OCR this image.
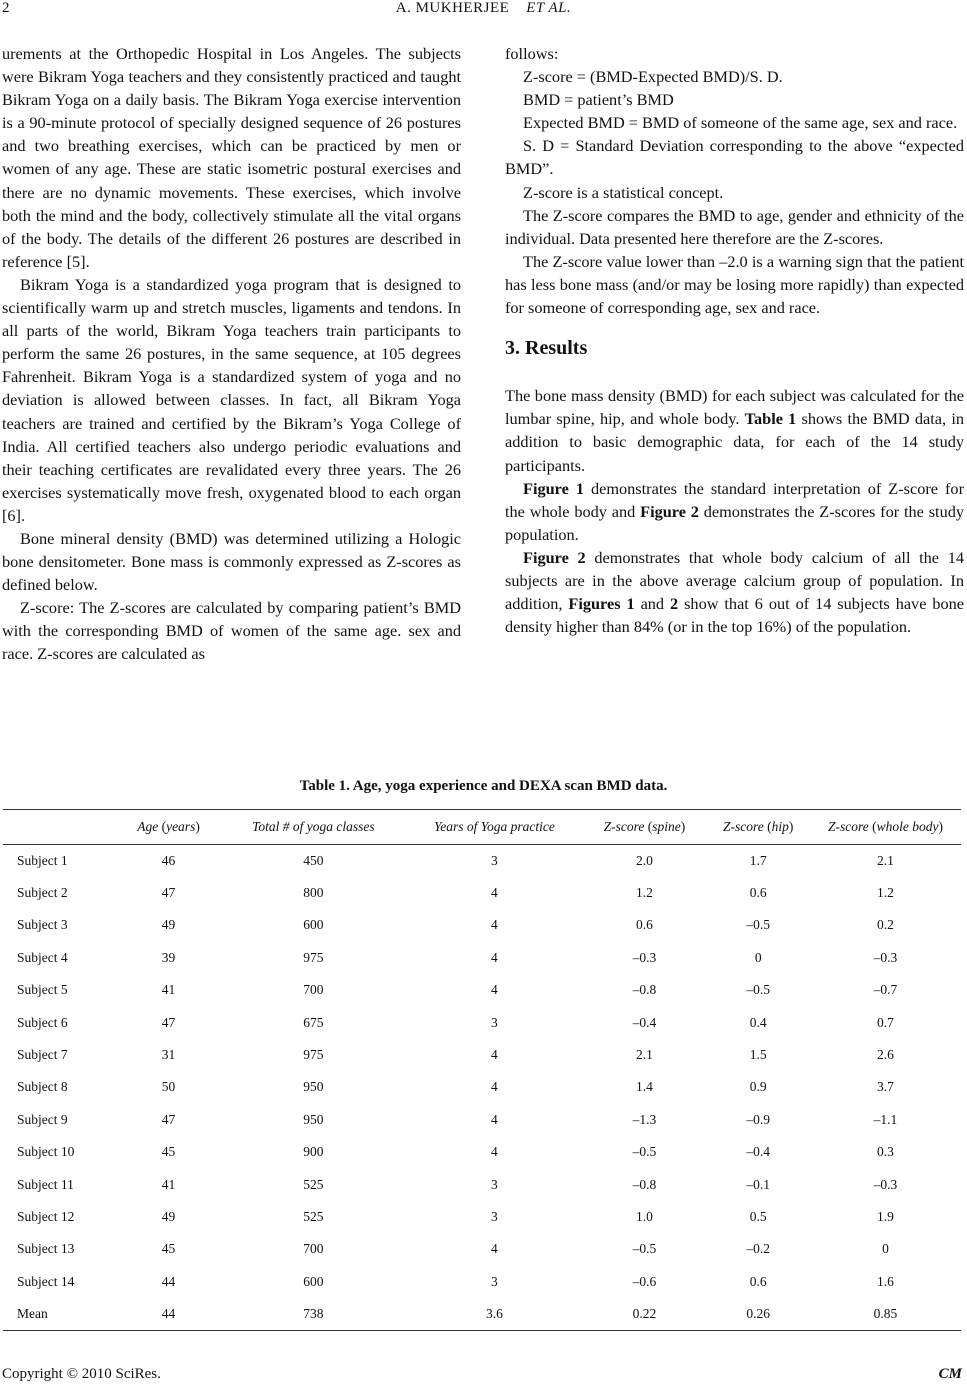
2	A. MUKHERJEE ET AL.

urements at the Orthopedic Hospital in Los Angeles. The subjects were Bikram Yoga teachers and they consistently practiced and taught Bikram Yoga on a daily basis. The Bikram Yoga exercise intervention is a 90-minute protocol of specially designed sequence of 26 postures and two breathing exercises, which can be practiced by men or women of any age. These are static isometric postural exercises and there are no dynamic movements. These exercises, which involve both the mind and the body, collectively stimulate all the vital organs of the body. The details of the different 26 postures are described in reference [5].

Bikram Yoga is a standardized yoga program that is designed to scientifically warm up and stretch muscles, ligaments and tendons. In all parts of the world, Bikram Yoga teachers train participants to perform the same 26 postures, in the same sequence, at 105 degrees Fahrenheit. Bikram Yoga is a standardized system of yoga and no deviation is allowed between classes. In fact, all Bikram Yoga teachers are trained and certified by the Bikram’s Yoga College of India. All certified teachers also undergo periodic evaluations and their teaching certificates are revalidated every three years. The 26 exercises systematically move fresh, oxygenated blood to each organ [6].

Bone mineral density (BMD) was determined utilizing a Hologic bone densitometer. Bone mass is commonly expressed as Z-scores as defined below.

Z-score: The Z-scores are calculated by comparing patient’s BMD with the corresponding BMD of women of the same age. sex and race. Z-scores are calculated as

follows:

Z-score = (BMD-Expected BMD)/S. D.

BMD = patient’s BMD

Expected BMD = BMD of someone of the same age, sex and race.

S. D = Standard Deviation corresponding to the above “expected BMD”.

Z-score is a statistical concept.

The Z-score compares the BMD to age, gender and ethnicity of the individual. Data presented here therefore are the Z-scores.

The Z-score value lower than –2.0 is a warning sign that the patient has less bone mass (and/or may be losing more rapidly) than expected for someone of corresponding age, sex and race.

3. Results

The bone mass density (BMD) for each subject was calculated for the lumbar spine, hip, and whole body. Table 1 shows the BMD data, in addition to basic demographic data, for each of the 14 study participants.

Figure 1 demonstrates the standard interpretation of Z-score for the whole body and Figure 2 demonstrates the Z-scores for the study population.

Figure 2 demonstrates that whole body calcium of all the 14 subjects are in the above average calcium group of population. In addition, Figures 1 and 2 show that 6 out of 14 subjects have bone density higher than 84% (or in the top 16%) of the population.

Table 1. Age, yoga experience and DEXA scan BMD data.
	Age (years)	Total # of yoga classes	Years of Yoga practice	Z-score (spine)	Z-score (hip)	Z-score (whole body)
Subject 1	46	450	3	2.0	1.7	2.1
Subject 2	47	800	4	1.2	0.6	1.2
Subject 3	49	600	4	0.6	–0.5	0.2
Subject 4	39	975	4	–0.3	0	–0.3
Subject 5	41	700	4	–0.8	–0.5	–0.7
Subject 6	47	675	3	–0.4	0.4	0.7
Subject 7	31	975	4	2.1	1.5	2.6
Subject 8	50	950	4	1.4	0.9	3.7
Subject 9	47	950	4	–1.3	–0.9	–1.1
Subject 10	45	900	4	–0.5	–0.4	0.3
Subject 11	41	525	3	–0.8	–0.1	–0.3
Subject 12	49	525	3	1.0	0.5	1.9
Subject 13	45	700	4	–0.5	–0.2	0
Subject 14	44	600	3	–0.6	0.6	1.6
Mean	44	738	3.6	0.22	0.26	0.85
Copyright © 2010 SciRes.	CM
